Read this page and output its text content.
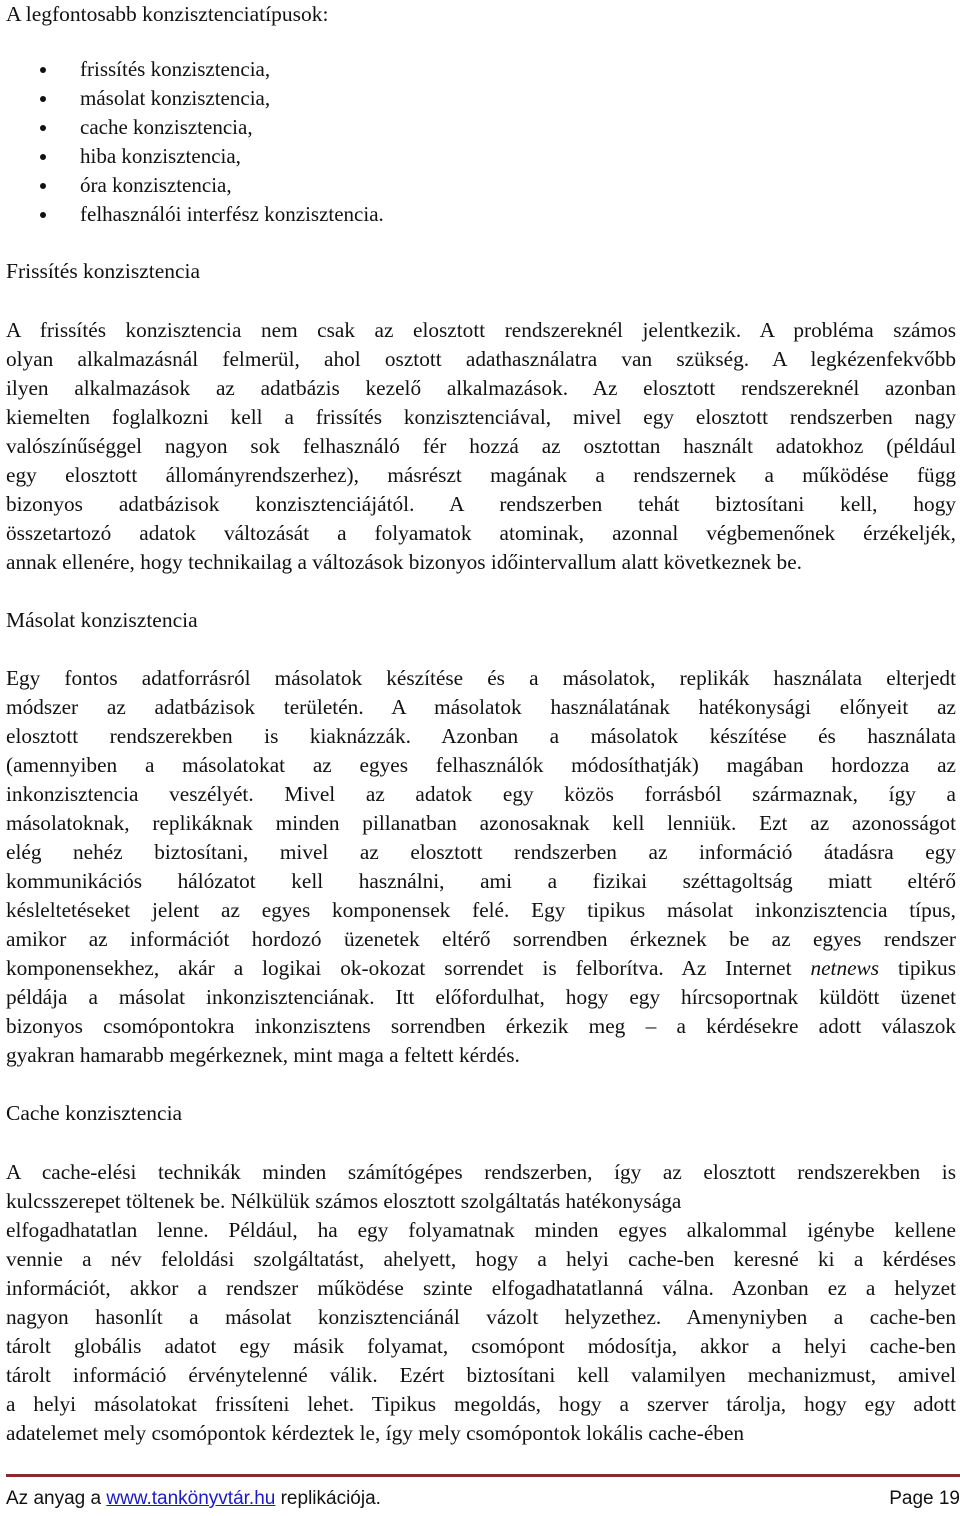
A legfontosabb konzisztenciatípusok:
frissítés konzisztencia,
másolat konzisztencia,
cache konzisztencia,
hiba konzisztencia,
óra konzisztencia,
felhasználói interfész konzisztencia.
Frissítés konzisztencia
A frissítés konzisztencia nem csak az elosztott rendszereknél jelentkezik. A probléma számos
olyan alkalmazásnál felmerül, ahol osztott adathasználatra van szükség. A legkézenfekvőbb
ilyen alkalmazások az adatbázis kezelő alkalmazások. Az elosztott rendszereknél azonban
kiemelten foglalkozni kell a frissítés konzisztenciával, mivel egy elosztott rendszerben nagy
valószínűséggel nagyon sok felhasználó fér hozzá az osztottan használt adatokhoz (például
egy elosztott állományrendszerhez), másrészt magának a rendszernek a működése függ
bizonyos adatbázisok konzisztenciájától. A rendszerben tehát biztosítani kell, hogy
összetartozó adatok változását a folyamatok atominak, azonnal végbemenőnek érzékeljék,
annak ellenére, hogy technikailag a változások bizonyos időintervallum alatt következnek be.
Másolat konzisztencia
Egy fontos adatforrásról másolatok készítése és a másolatok, replikák használata elterjedt
módszer az adatbázisok területén. A másolatok használatának hatékonysági előnyeit az
elosztott rendszerekben is kiaknázzák. Azonban a másolatok készítése és használata
(amennyiben a másolatokat az egyes felhasználók módosíthatják) magában hordozza az
inkonzisztencia veszélyét. Mivel az adatok egy közös forrásból származnak, így a
másolatoknak, replikáknak minden pillanatban azonosaknak kell lenniük. Ezt az azonosságot
elég nehéz biztosítani, mivel az elosztott rendszerben az információ átadásra egy
kommunikációs hálózatot kell használni, ami a fizikai széttagoltság miatt eltérő
késleltetéseket jelent az egyes komponensek felé. Egy tipikus másolat inkonzisztencia típus,
amikor az információt hordozó üzenetek eltérő sorrendben érkeznek be az egyes rendszer
komponensekhez, akár a logikai ok-okozat sorrendet is felborítva. Az Internet netnews tipikus
példája a másolat inkonzisztenciának. Itt előfordulhat, hogy egy hírcsoportnak küldött üzenet
bizonyos csomópontokra inkonzisztens sorrendben érkezik meg – a kérdésekre adott válaszok
gyakran hamarabb megérkeznek, mint maga a feltett kérdés.
Cache konzisztencia
A cache-elési technikák minden számítógépes rendszerben, így az elosztott rendszerekben is
kulcsszerepet töltenek be. Nélkülük számos elosztott szolgáltatás hatékonysága
elfogadhatatlan lenne. Például, ha egy folyamatnak minden egyes alkalommal igénybe kellene
vennie a név feloldási szolgáltatást, ahelyett, hogy a helyi cache-ben keresné ki a kérdéses
információt, akkor a rendszer működése szinte elfogadhatatlanná válna. Azonban ez a helyzet
nagyon hasonlít a másolat konzisztenciánál vázolt helyzethez. Amenyniyben a cache-ben
tárolt globális adatot egy másik folyamat, csomópont módosítja, akkor a helyi cache-ben
tárolt információ érvénytelenné válik. Ezért biztosítani kell valamilyen mechanizmust, amivel
a helyi másolatokat frissíteni lehet. Tipikus megoldás, hogy a szerver tárolja, hogy egy adott
adatelemet mely csomópontok kérdeztek le, így mely csomópontok lokális cache-ében
Az anyag a www.tankönyvtár.hu replikációja.	Page 19
